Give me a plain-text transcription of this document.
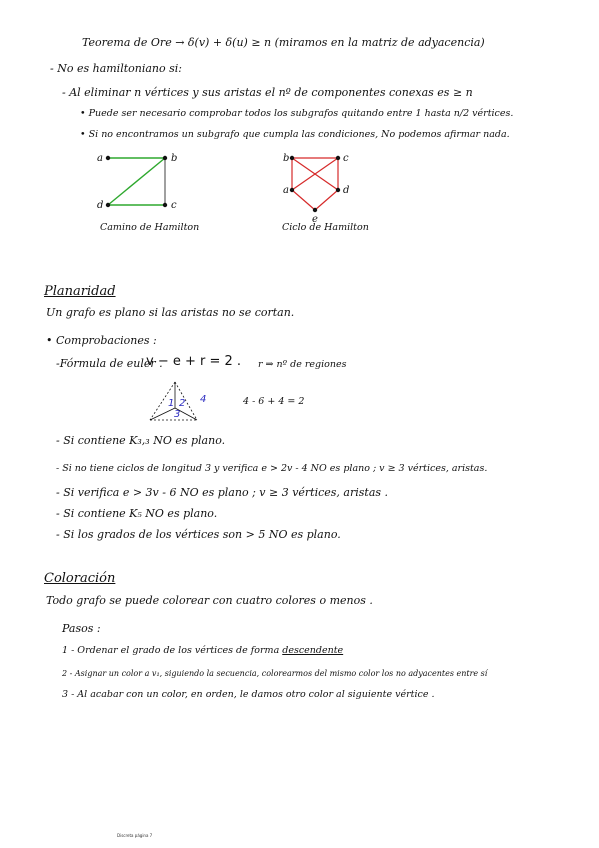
Teorema de Ore → δ(v) + δ(u) ≥ n (miramos en la matriz de adyacencia)
- No es hamiltoniano si:
- Al eliminar n vértices y sus aristas el nº de componentes conexas es ≥ n
• Puede ser necesario comprobar todos los subgrafos quitando entre 1 hasta n/2 vértices.
• Si no encontramos un subgrafo que cumpla las condiciones, No podemos afirmar nada.
a	b
c
d
b	c
a	d
e
1 2
3
4
Camino de Hamilton	Ciclo de Hamilton
Planaridad
Un grafo es plano si las aristas no se cortan.
• Comprobaciones :
-Fórmula de euler .
v − e + r = 2 . r ⇒ nº de regiones
4 - 6 + 4 = 2
- Si contiene K₃,₃ NO es plano.
- Si no tiene ciclos de longitud 3 y verifica e > 2v - 4 NO es plano ; v ≥ 3 vértices, aristas.
- Si verifica e > 3v - 6 NO es plano ; v ≥ 3 vértices, aristas .
- Si contiene K₅ NO es plano.
- Si los grados de los vértices son > 5 NO es plano.
Coloración
Todo grafo se puede colorear con cuatro colores o menos .
Pasos :
1 - Ordenar el grado de los vértices de forma descendente
2 - Asignar un color a v₁, siguiendo la secuencia, colorearmos del mismo color los no adyacentes entre sí
3 - Al acabar con un color, en orden, le damos otro color al siguiente vértice .
Discreta página 7
